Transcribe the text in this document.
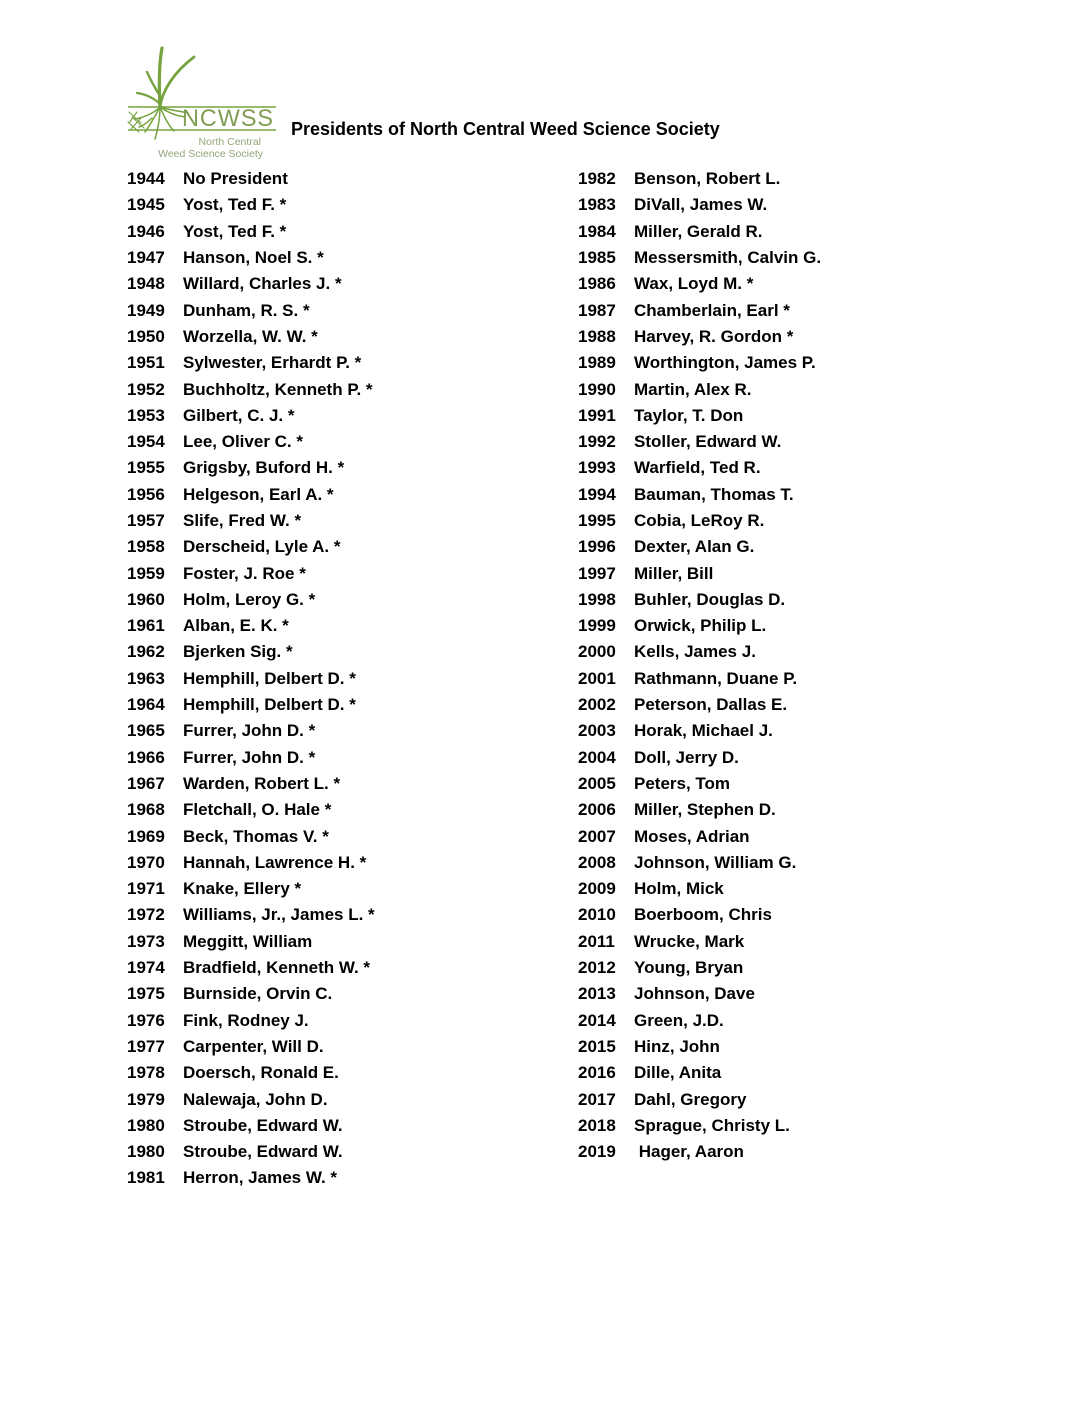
NCWSS
North Central
Weed Science Society
Presidents of North Central Weed Science Society
1944	No President
1945	Yost, Ted F. *
1946	Yost, Ted F. *
1947	Hanson, Noel S. *
1948	Willard, Charles J. *
1949	Dunham, R. S. *
1950	Worzella, W. W. *
1951	Sylwester, Erhardt P. *
1952	Buchholtz, Kenneth P. *
1953	Gilbert, C. J. *
1954	Lee, Oliver C. *
1955	Grigsby, Buford H. *
1956	Helgeson, Earl A. *
1957	Slife, Fred W. *
1958	Derscheid, Lyle A. *
1959	Foster, J. Roe *
1960	Holm, Leroy G. *
1961	Alban, E. K. *
1962	Bjerken Sig. *
1963	Hemphill, Delbert D. *
1964	Hemphill, Delbert D. *
1965	Furrer, John D. *
1966	Furrer, John D. *
1967	Warden, Robert L. *
1968	Fletchall, O. Hale *
1969	Beck, Thomas V. *
1970	Hannah, Lawrence H. *
1971	Knake, Ellery *
1972	Williams, Jr., James L. *
1973	Meggitt, William
1974	Bradfield, Kenneth W. *
1975	Burnside, Orvin C.
1976	Fink, Rodney J.
1977	Carpenter, Will D.
1978	Doersch, Ronald E.
1979	Nalewaja, John D.
1980	Stroube, Edward W.
1980	Stroube, Edward W.
1981	Herron, James W. *
1982	Benson, Robert L.
1983	DiVall, James W.
1984	Miller, Gerald R.
1985	Messersmith, Calvin G.
1986	Wax, Loyd M. *
1987	Chamberlain, Earl *
1988	Harvey, R. Gordon *
1989	Worthington, James P.
1990	Martin, Alex R.
1991	Taylor, T. Don
1992	Stoller, Edward W.
1993	Warfield, Ted R.
1994	Bauman, Thomas T.
1995	Cobia, LeRoy R.
1996	Dexter, Alan G.
1997	Miller, Bill
1998	Buhler, Douglas D.
1999	Orwick, Philip L.
2000	Kells, James J.
2001	Rathmann, Duane P.
2002	Peterson, Dallas E.
2003	Horak, Michael J.
2004	Doll, Jerry D.
2005	Peters, Tom
2006	Miller, Stephen D.
2007	Moses, Adrian
2008	Johnson, William G.
2009	Holm, Mick
2010	Boerboom, Chris
2011	Wrucke, Mark
2012	Young, Bryan
2013	Johnson, Dave
2014	Green, J.D.
2015	Hinz, John
2016	Dille, Anita
2017	Dahl, Gregory
2018	Sprague, Christy L.
2019	Hager, Aaron
